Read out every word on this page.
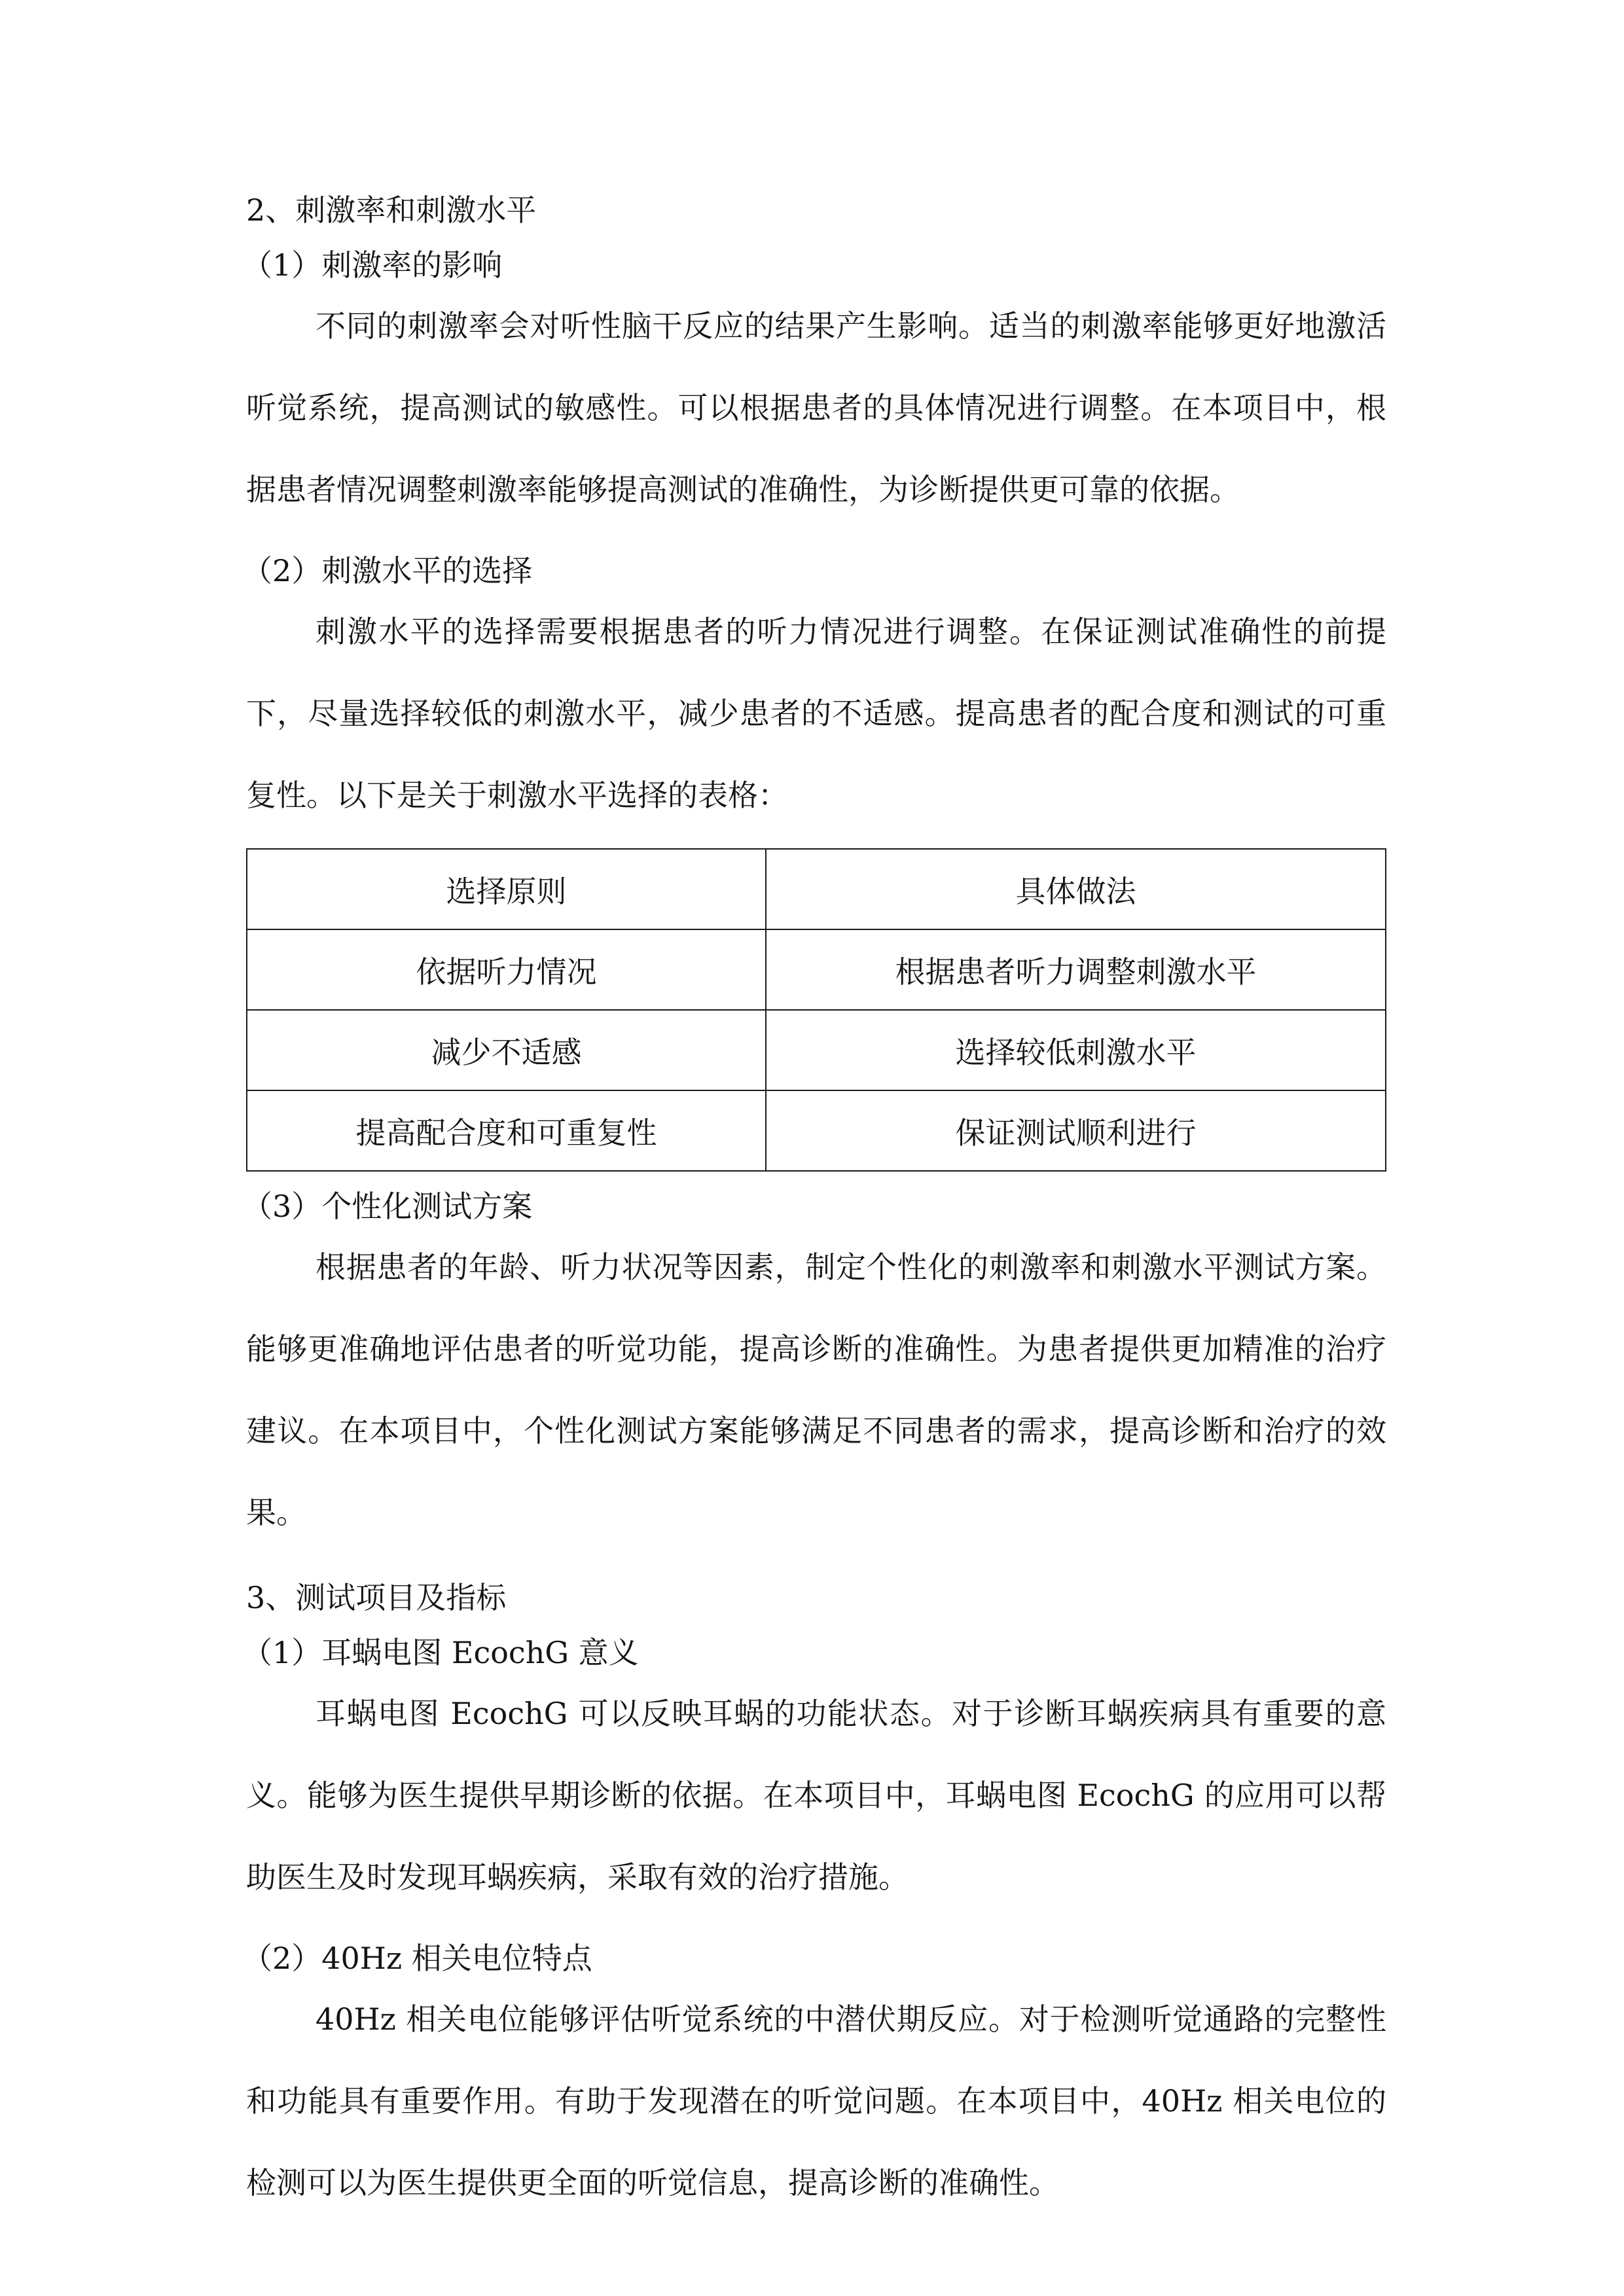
2、刺激率和刺激水平

（1）刺激率的影响

不同的刺激率会对听性脑干反应的结果产生影响。适当的刺激率能够更好地激活听觉系统，提高测试的敏感性。可以根据患者的具体情况进行调整。在本项目中，根据患者情况调整刺激率能够提高测试的准确性，为诊断提供更可靠的依据。

（2）刺激水平的选择

刺激水平的选择需要根据患者的听力情况进行调整。在保证测试准确性的前提下，尽量选择较低的刺激水平，减少患者的不适感。提高患者的配合度和测试的可重复性。以下是关于刺激水平选择的表格：

选择原则	具体做法
依据听力情况	根据患者听力调整刺激水平
减少不适感	选择较低刺激水平
提高配合度和可重复性	保证测试顺利进行

（3）个性化测试方案

根据患者的年龄、听力状况等因素，制定个性化的刺激率和刺激水平测试方案。能够更准确地评估患者的听觉功能，提高诊断的准确性。为患者提供更加精准的治疗建议。在本项目中，个性化测试方案能够满足不同患者的需求，提高诊断和治疗的效果。

3、测试项目及指标

（1）耳蜗电图 EcochG 意义

耳蜗电图 EcochG 可以反映耳蜗的功能状态。对于诊断耳蜗疾病具有重要的意义。能够为医生提供早期诊断的依据。在本项目中，耳蜗电图 EcochG 的应用可以帮助医生及时发现耳蜗疾病，采取有效的治疗措施。

（2）40Hz 相关电位特点

40Hz 相关电位能够评估听觉系统的中潜伏期反应。对于检测听觉通路的完整性和功能具有重要作用。有助于发现潜在的听觉问题。在本项目中，40Hz 相关电位的检测可以为医生提供更全面的听觉信息，提高诊断的准确性。
